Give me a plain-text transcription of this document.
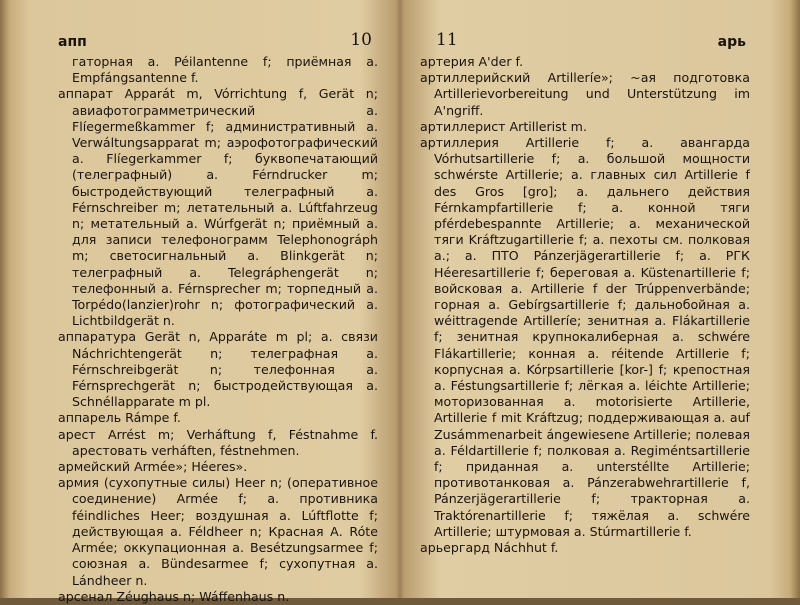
апп	10

гаторная а. Péilantenne f; приёмная а. Empfángsantenne f.

аппарат Apparát m, Vórrichtung f, Gerät n; авиафотограмметрический а. Flíegermeßkammer f; административный а. Verwáltungsapparat m; аэрофотографический а. Flíegerkammer f; буквопечатающий (телеграфный) а. Férndrucker m; быстродействующий телеграфный а. Férnschreiber m; летательный а. Lúftfahrzeug n; метательный а. Wúrfgerät n; приёмный а. для записи телефонограмм Telephonográph m; светосигнальный а. Blinkgerät n; телеграфный а. Telegráphengerät n; телефонный а. Férnsprecher m; торпедный а. Torpédo(lanzier)rohr n; фотографический а. Lichtbildgerät n.

аппаратура Gerät n, Apparáte m pl; а. связи Náchrichtengerät n; телеграфная а. Férnschreibgerät n; телефонная а. Férnsprechgerät n; быстродействующая а. Schnéllapparate m pl.

аппарель Rámpe f.

арест Arrést m; Verháftung f, Féstnahme f. арестовать verháften, féstnehmen.

армейский Arméе»; Héeres».

армия (сухопутные силы) Heer n; (оперативное соединение) Arméе f; а. противника féindliches Heer; воздушная а. Lúftflotte f; действующая а. Féldheer n; Красная А. Róte Arméе; оккупационная а. Besétzungsarmee f; союзная а. Bündesarmee f; сухопутная а. Lándheer n.

арсенал Zéughaus n; Wáffenhaus n.

11	арь

артерия A'der f.

артиллерийский Artilleríe»; ~ая подготовка Artillerievorbereitung und Unterstützung im A'ngriff.

артиллерист Artillerist m.

артиллерия Artillerie f; а. авангарда Vórhutsartillerie f; а. большой мощности schwérste Artillerie; а. главных сил Artillerie f des Gros [gro]; а. дальнего действия Férnkampfartillerie f; а. конной тяги pférdebespannte Artillerie; а. механической тяги Kráftzugartillerie f; а. пехоты см. полковая а.; а. ПТО Pánzerjägerartillerie f; а. РГК Héeresartillerie f; береговая а. Küstenartillerie f; войсковая а. Artillerie f der Trúppenverbände; горная а. Gebírgsartillerie f; дальнобойная а. wéittragende Artilleríe; зенитная а. Flákartillerie f; зенитная крупнокалиберная а. schwére Flákartillerie; конная а. réitende Artillerie f; корпусная а. Kórpsartillerie [kor-] f; крепостная а. Féstungsartillerie f; лёгкая а. léichte Artillerie; моторизованная а. motorisierte Artillerie, Artillerie f mit Kráftzug; поддерживающая а. auf Zusámmenarbeit ángewiesene Artillerie; полевая а. Féldartillerie f; полковая а. Regiméntsartillerie f; приданная а. unterstéllte Artillerie; противотанковая а. Pánzerabwehrartillerie f, Pánzerjägerartillerie f; тракторная а. Traktórenartillerie f; тяжёлая а. schwére Artillerie; штурмовая а. Stúrmartillerie f.

арьергард Náchhut f.
